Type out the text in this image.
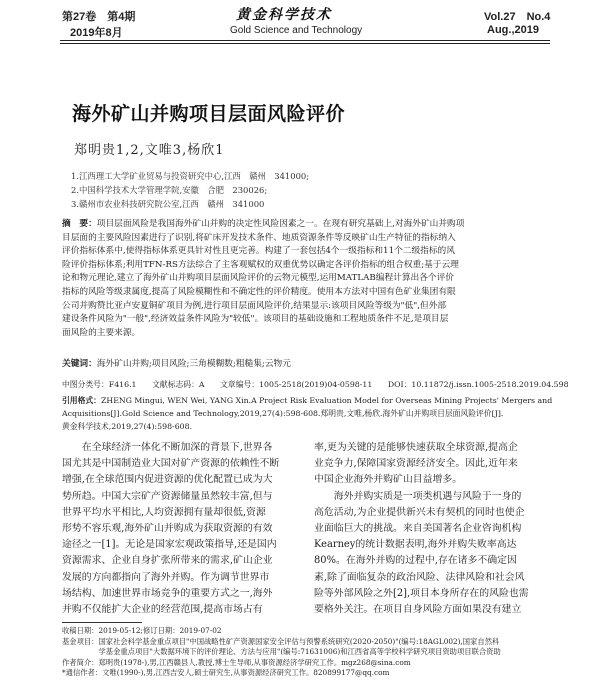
第27卷　第4期
2019年8月
黄金科学技术
Gold Science and Technology
Vol.27　No.4
Aug.,2019
海外矿山并购项目层面风险评价
郑明贵1,2,文唯3,杨欣1
1.江西理工大学矿业贸易与投资研究中心,江西　赣州　341000;
2.中国科学技术大学管理学院,安徽　合肥　230026;
3.赣州市农业科技研究院公室,江西　赣州　341000
摘　要：项目层面风险是我国海外矿山并购的决定性风险因素之一。在现有研究基础上,对海外矿山并购项
目层面的主要风险因素进行了识别,将矿床开发技术条件、地质资源条件等反映矿山生产特征的指标纳入
评价指标体系中,使得指标体系更具针对性且更完善。构建了一套包括4个一级指标和11个二级指标的风
险评价指标体系;利用TFN-RS方法综合了主客观赋权的双重优势以确定各评价指标的组合权重;基于云理
论和物元理论,建立了海外矿山并购项目层面风险评价的云物元模型,运用MATLAB编程计算出各个评价
指标的风险等级隶属度,提高了风险模糊性和不确定性的评价精度。使用本方法对中国有色矿业集团有限
公司并购赞比亚卢安夏铜矿项目为例,进行项目层面风险评价,结果显示:该项目风险等级为"低",但外部
建设条件风险为"一般",经济效益条件风险为"较低"。该项目的基础设施和工程地质条件不足,是项目层
面风险的主要来源。
关键词：海外矿山并购;项目风险;三角模糊数;粗糙集;云物元
中图分类号：F416.1　　文献标志码：A　　文章编号：1005-2518(2019)04-0598-11　　DOI：10.11872/j.issn.1005-2518.2019.04.598
引用格式：ZHENG Mingui, WEN Wei, YANG Xin.A Project Risk Evaluation Model for Overseas Mining Projects' Mergers and
Acquisitions[J].Gold Science and Technology,2019,27(4):598-608.郑明贵,文唯,杨欣.海外矿山并购项目层面风险评价[J].
黄金科学技术,2019,27(4):598-608.
　　在全球经济一体化不断加深的背景下,世界各
国尤其是中国制造业大国对矿产资源的依赖性不断
增强,在全球范围内促进资源的优化配置已成为大
势所趋。中国大宗矿产资源储量虽然较丰富,但与
世界平均水平相比,人均资源拥有量却很低,资源
形势不容乐观,海外矿山并购成为获取资源的有效
途径之一[1]。无论是国家宏观政策指导,还是国内
资源需求、企业自身扩张所带来的需求,矿山企业
发展的方向都指向了海外并购。作为调节世界市
场结构、加速世界市场竞争的重要方式之一,海外
并购不仅能扩大企业的经营范围,提高市场占有
率,更为关键的是能够快速获取全球资源,提高企
业竞争力,保障国家资源经济安全。因此,近年来
中国企业海外并购矿山目益增多。
　　海外并购实质是一项类机遇与风险于一身的
高危活动,为企业提供新兴未有契机的同时也使企
业面临巨大的挑战。来自美国著名企业咨询机构
Kearney的统计数据表明,海外并购失败率高达
80%。在海外并购的过程中,存在诸多不确定因
素,除了面临复杂的政治风险、法律风险和社会风
险等外部风险之外[2],项目本身所存在的风险也需
要格外关注。在项目自身风险方面如果没有建立
收稿日期：2019-05-12;修订日期：2019-07-02
基金项目：国家社会科学基金重点项目"中国战略性矿产资源国家安全评估与预警系统研究(2020-2050)"(编号:18AGL002),国家自然科
　　　　　学基金重点项目"大数据环境下的评价理论、方法与应用"(编号:71631006)和江西省高等学校科学研究项目资助项目联合资助
作者简介：郑明贵(1978-),男,江西赣县人,教授,博士生导师,从事资源经济学研究工作。mgz268@sina.com
*通信作者：文唯(1990-),男,江西吉安人,硕士研究生,从事资源经济研究工作。820899177@qq.com
